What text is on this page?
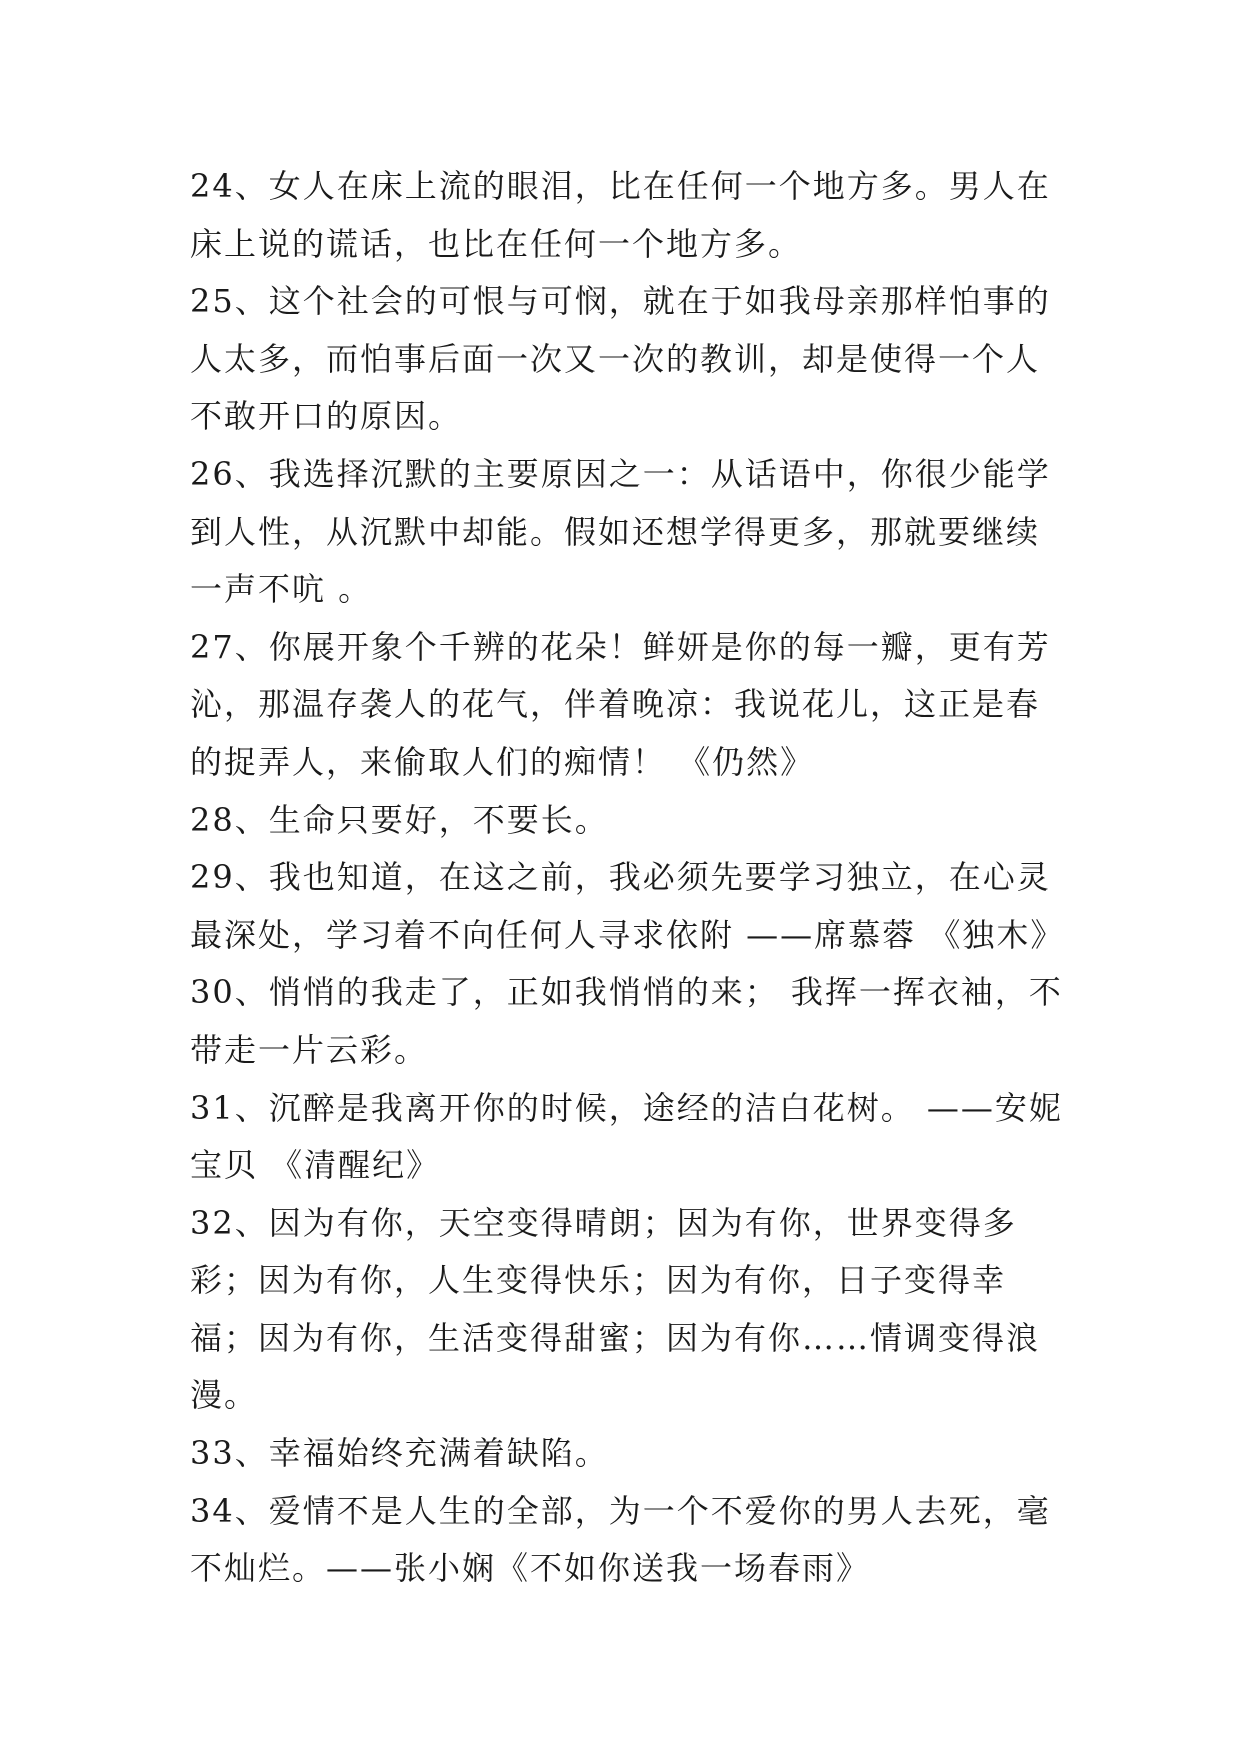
24、女人在床上流的眼泪，比在任何一个地方多。男人在床上说的谎话，也比在任何一个地方多。

25、这个社会的可恨与可悯，就在于如我母亲那样怕事的人太多，而怕事后面一次又一次的教训，却是使得一个人不敢开口的原因。

26、我选择沉默的主要原因之一：从话语中，你很少能学到人性，从沉默中却能。假如还想学得更多，那就要继续一声不吭 。

27、你展开象个千辨的花朵！鲜妍是你的每一瓣，更有芳沁，那温存袭人的花气，伴着晚凉：我说花儿，这正是春的捉弄人，来偷取人们的痴情！ 《仍然》

28、生命只要好，不要长。

29、我也知道，在这之前，我必须先要学习独立，在心灵最深处，学习着不向任何人寻求依附 ——席慕蓉 《独木》

30、悄悄的我走了，正如我悄悄的来； 我挥一挥衣袖，不带走一片云彩。

31、沉醉是我离开你的时候，途经的洁白花树。 ——安妮宝贝 《清醒纪》

32、因为有你，天空变得晴朗；因为有你，世界变得多彩；因为有你，人生变得快乐；因为有你，日子变得幸福；因为有你，生活变得甜蜜；因为有你……情调变得浪漫。

33、幸福始终充满着缺陷。

34、爱情不是人生的全部，为一个不爱你的男人去死，毫不灿烂。——张小娴《不如你送我一场春雨》
